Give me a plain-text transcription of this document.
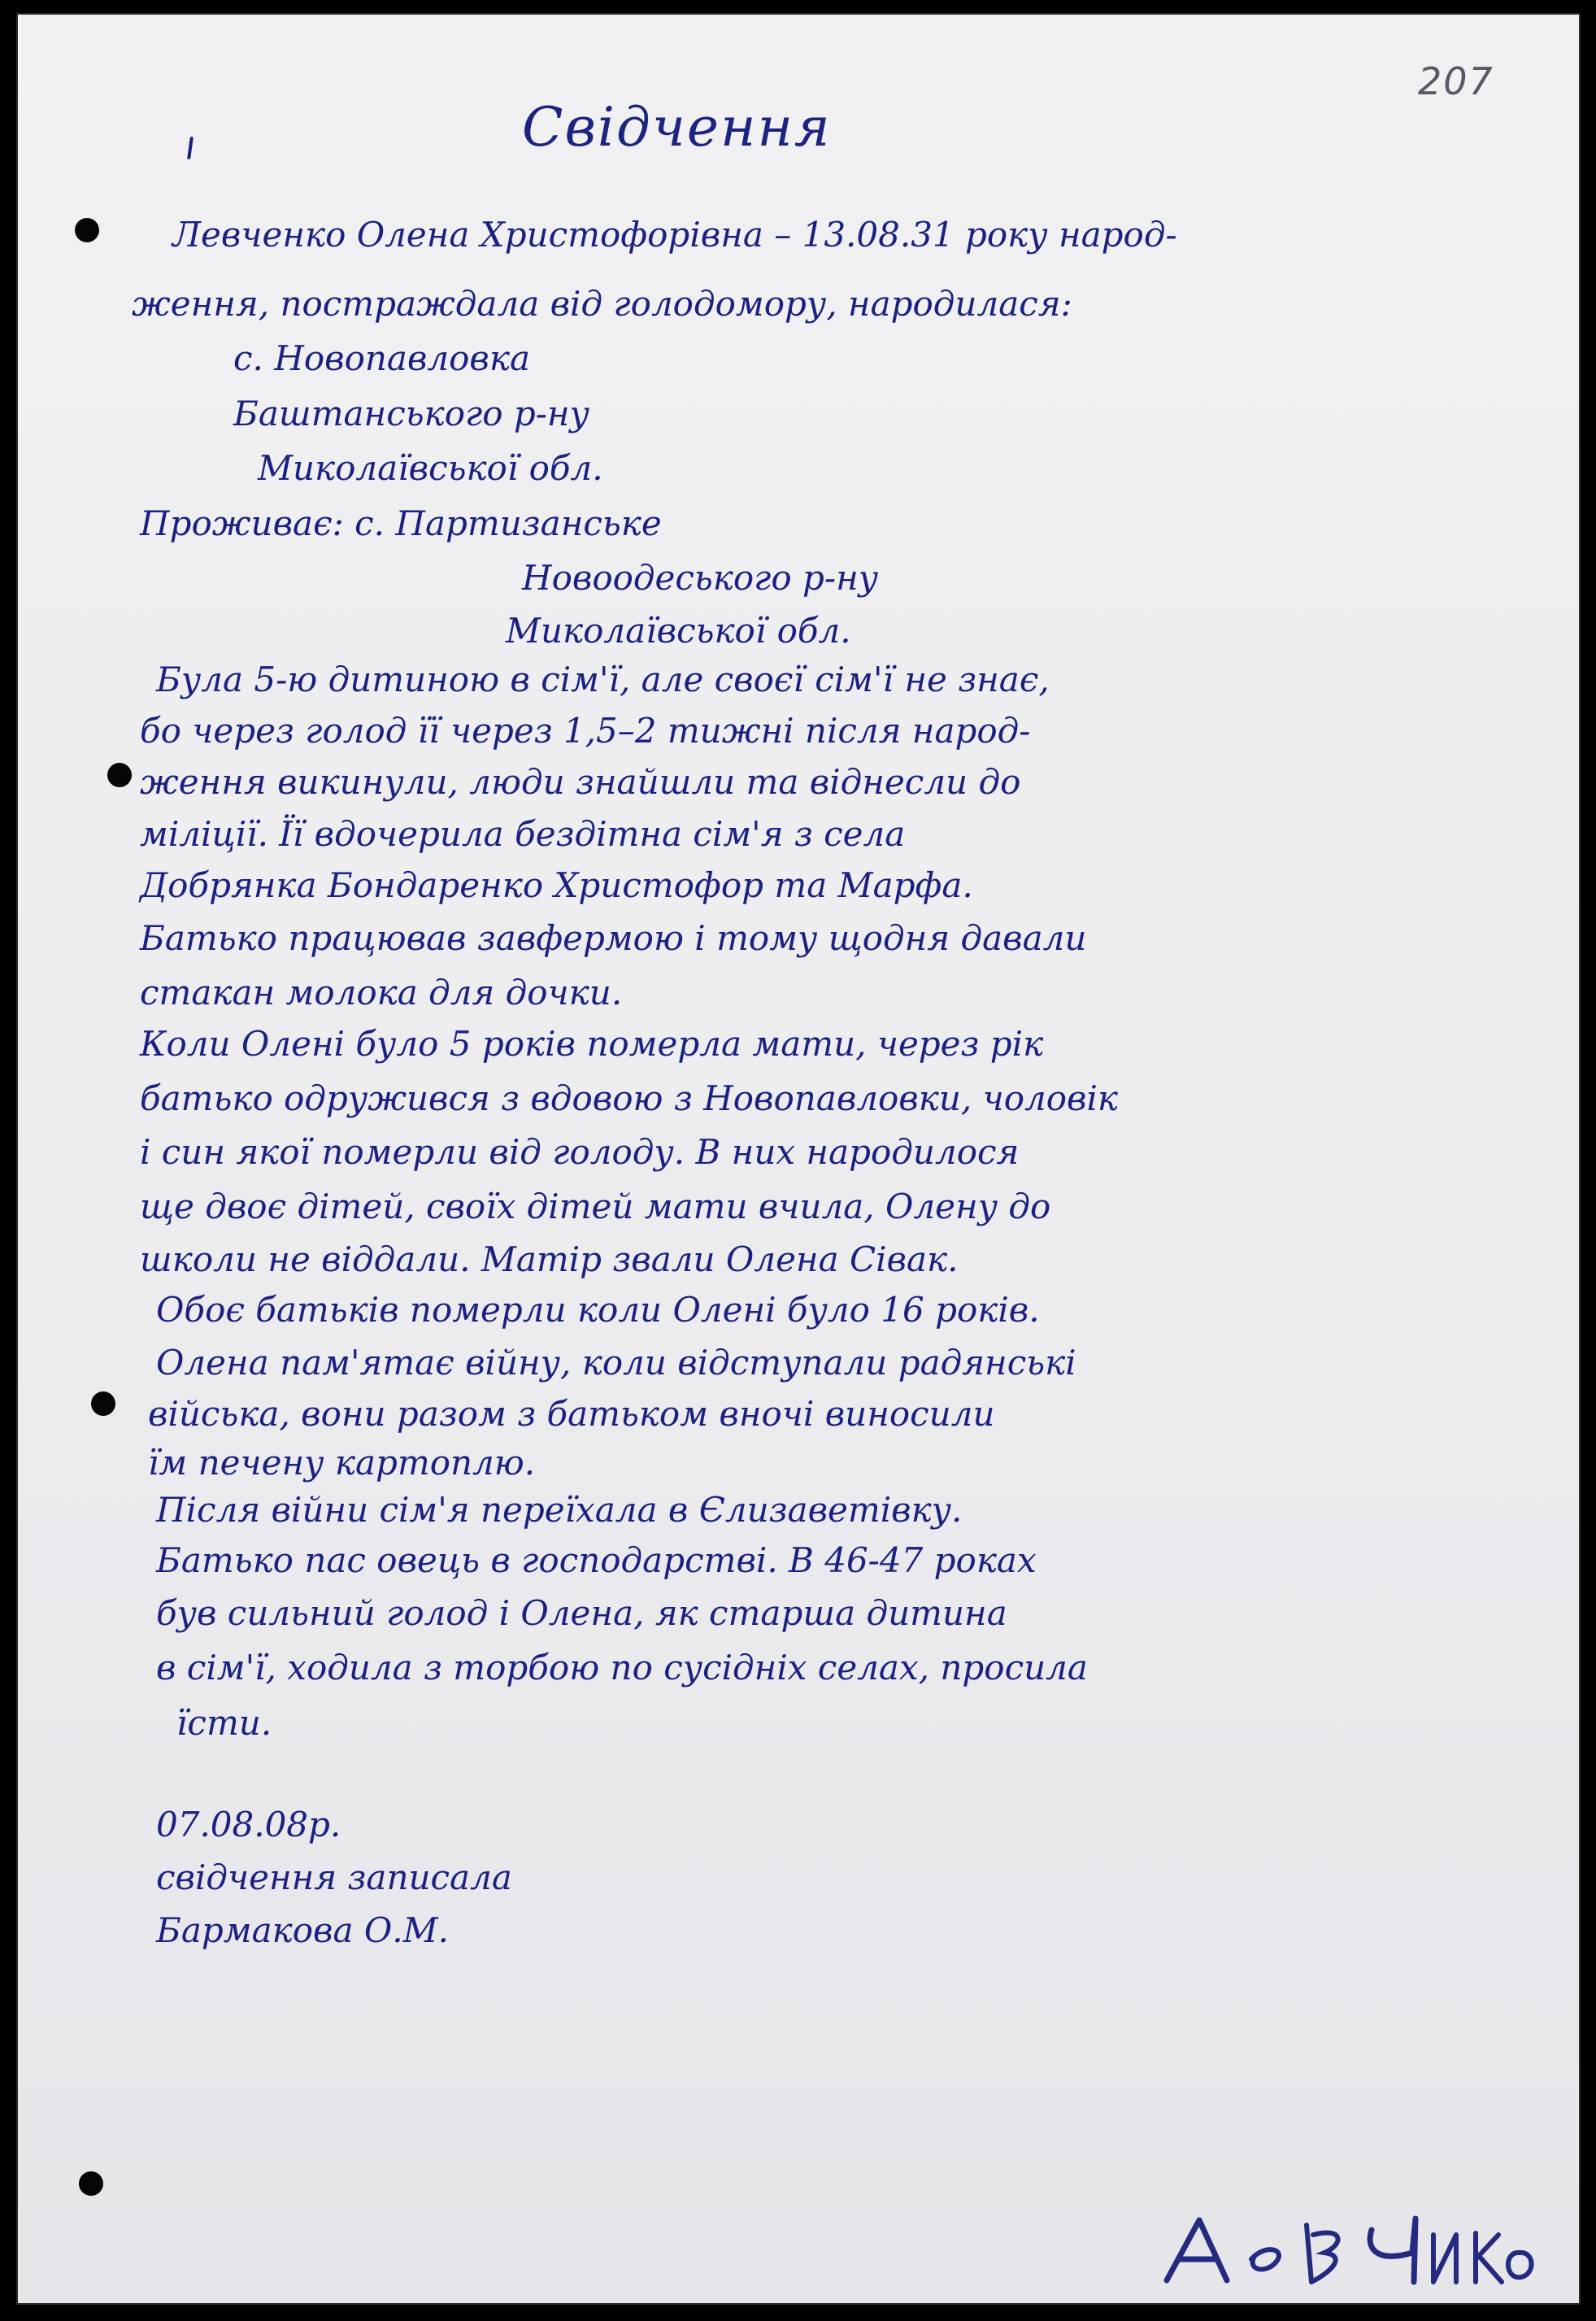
207
Свідчення
Левченко Олена Христофорівна – 13.08.31 року народ-
ження, постраждала від голодомору, народилася:
с. Новопавловка
Баштанського р-ну
Миколаївської обл.
Проживає: с. Партизанське
Новоодеського р-ну
Миколаївської обл.
Була 5-ю дитиною в сім'ї, але своєї сім'ї не знає,
бо через голод її через 1,5–2 тижні після народ-
ження викинули, люди знайшли та віднесли до
міліції. Її вдочерила бездітна сім'я з села
Добрянка Бондаренко Христофор та Марфа.
Батько працював завфермою і тому щодня давали
стакан молока для дочки.
Коли Олені було 5 років померла мати, через рік
батько одружився з вдовою з Новопавловки, чоловік
і син якої померли від голоду. В них народилося
ще двоє дітей, своїх дітей мати вчила, Олену до
школи не віддали. Матір звали Олена Сівак.
Обоє батьків померли коли Олені було 16 років.
Олена пам'ятає війну, коли відступали радянські
війська, вони разом з батьком вночі виносили
їм печену картоплю.
Після війни сім'я переїхала в Єлизаветівку.
Батько пас овець в господарстві. В 46-47 роках
був сильний голод і Олена, як старша дитина
в сім'ї, ходила з торбою по сусідніх селах, просила
їсти.
07.08.08р.
свідчення записала
Бармакова О.М.
